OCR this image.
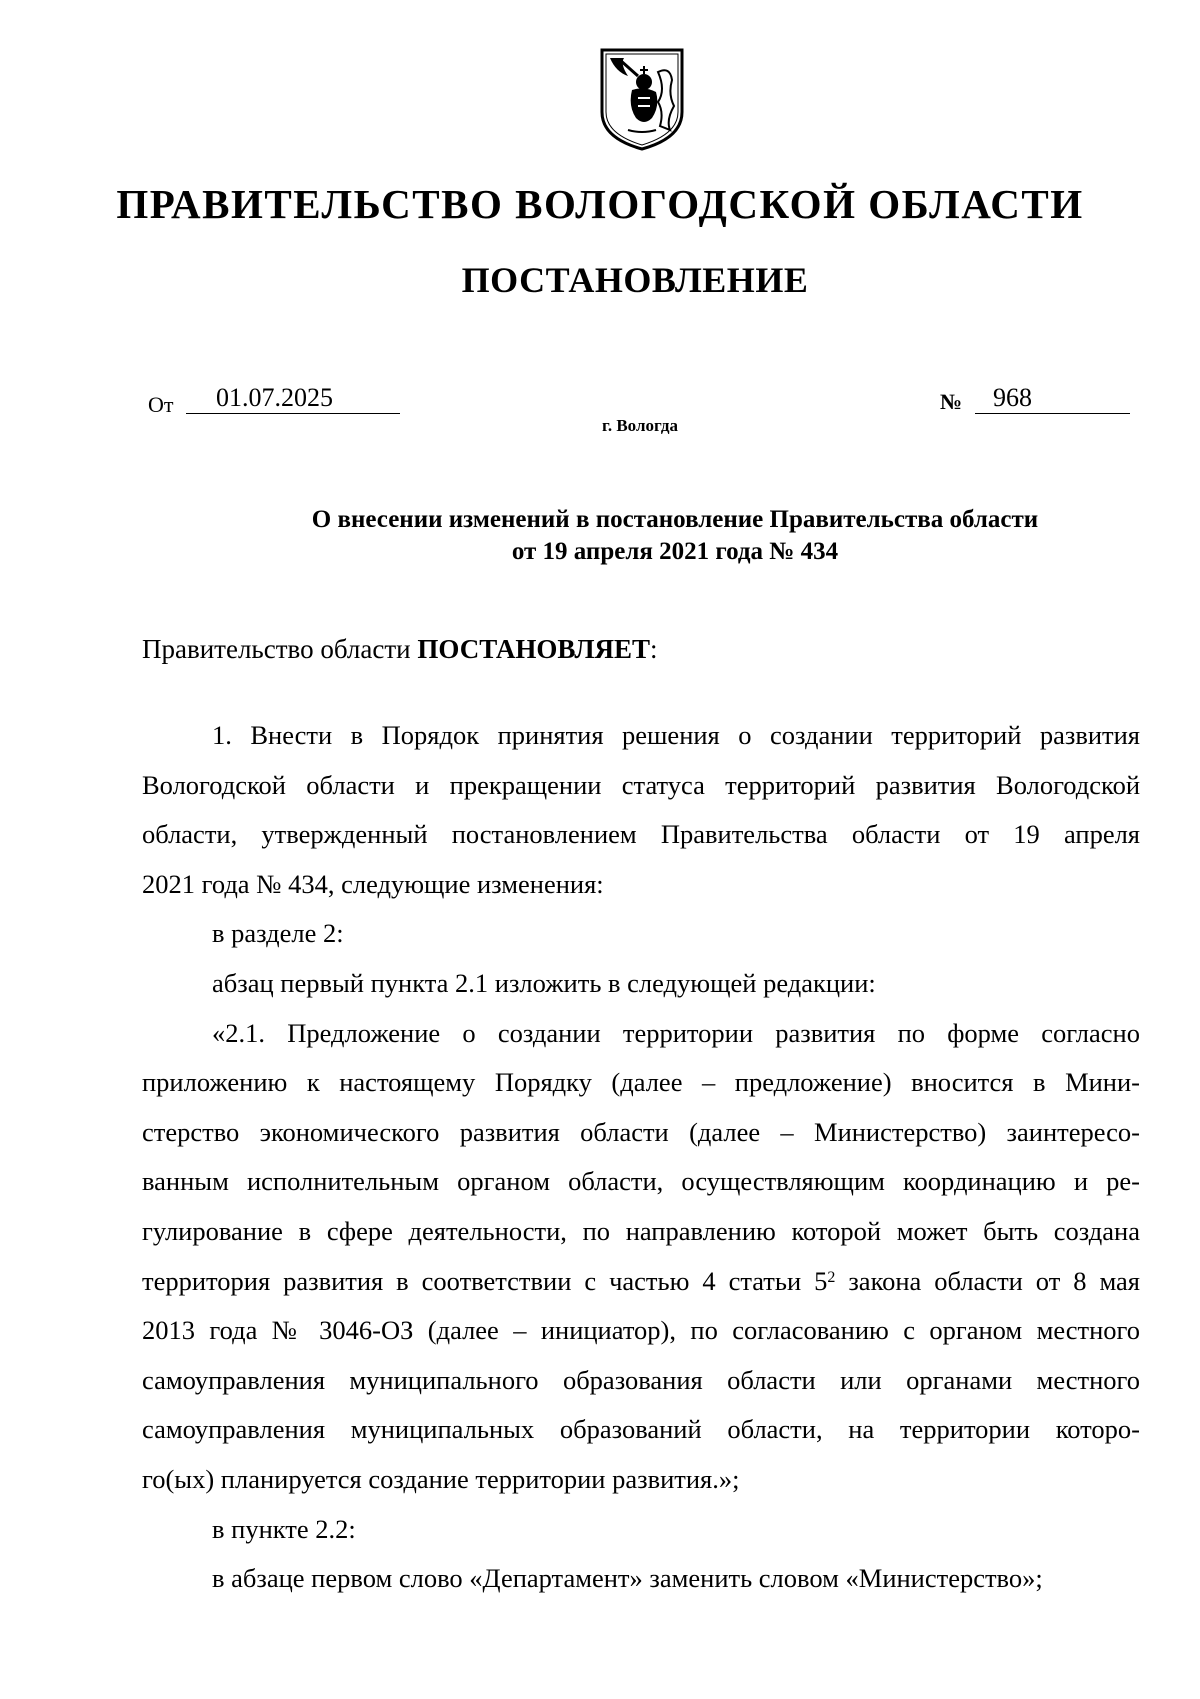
ПРАВИТЕЛЬСТВО ВОЛОГОДСКОЙ ОБЛАСТИ
ПОСТАНОВЛЕНИЕ
От	01.07.2025	№	968
г. Вологда
О внесении изменений в постановление Правительства области
от 19 апреля 2021 года № 434
Правительство области ПОСТАНОВЛЯЕТ:
1. Внести в Порядок принятия решения о создании территорий развития
Вологодской области и прекращении статуса территорий развития Вологодской
области, утвержденный постановлением Правительства области от 19 апреля
2021 года № 434, следующие изменения:
в разделе 2:
абзац первый пункта 2.1 изложить в следующей редакции:
«2.1. Предложение о создании территории развития по форме согласно
приложению к настоящему Порядку (далее – предложение) вносится в Мини-
стерство экономического развития области (далее – Министерство) заинтересо-
ванным исполнительным органом области, осуществляющим координацию и ре-
гулирование в сфере деятельности, по направлению которой может быть создана
территория развития в соответствии с частью 4 статьи $5^2$ закона области от 8 мая
2013 года № 3046-ОЗ (далее – инициатор), по согласованию с органом местного
самоуправления муниципального образования области или органами местного
самоуправления муниципальных образований области, на территории которо-
го(ых) планируется создание территории развития.»;
в пункте 2.2:
в абзаце первом слово «Департамент» заменить словом «Министерство»;
